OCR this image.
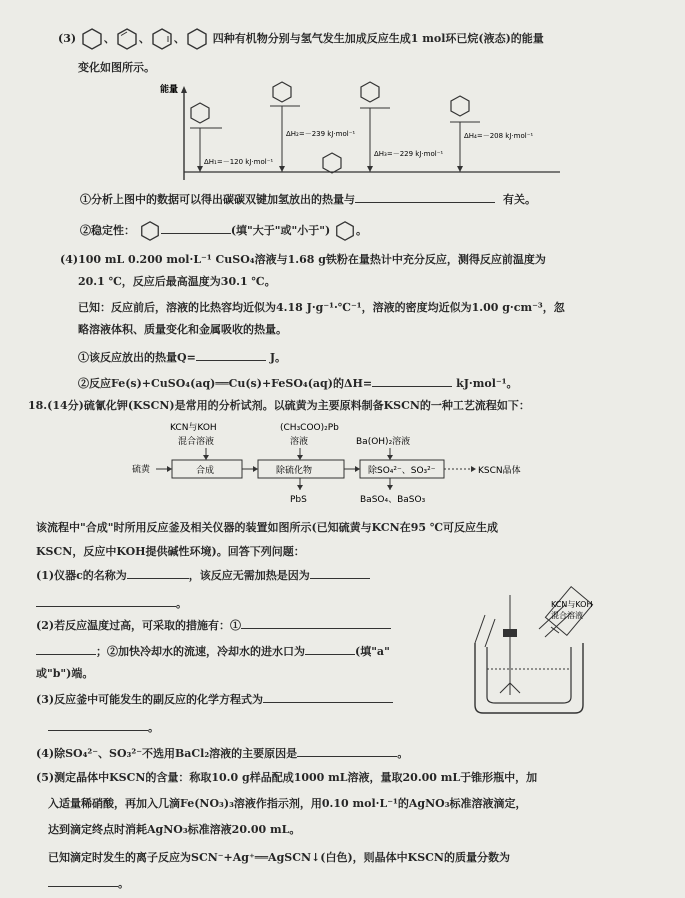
(3)	、 、 、	四种有机物分别与氢气发生加成反应生成1 mol环已烷(液态)的能量
变化如图所示。
能量
ΔH₁=－120 kJ·mol⁻¹
ΔH₂=－239 kJ·mol⁻¹
ΔH₃=－229 kJ·mol⁻¹
ΔH₄=－208 kJ·mol⁻¹
①分析上图中的数据可以得出碳碳双键加氢放出的热量与	有关。
②稳定性：	(填"大于"或"小于") 。
(4)100 mL 0.200 mol·L⁻¹ CuSO₄溶液与1.68 g铁粉在量热计中充分反应，测得反应前温度为
20.1 ℃，反应后最高温度为30.1 ℃。
已知：反应前后，溶液的比热容均近似为4.18 J·g⁻¹·℃⁻¹，溶液的密度均近似为1.00 g·cm⁻³，忽
略溶液体积、质量变化和金属吸收的热量。
①该反应放出的热量Q=	J。
②反应Fe(s)+CuSO₄(aq)══Cu(s)+FeSO₄(aq)的ΔH=	kJ·mol⁻¹。
18.(14分)硫氰化钾(KSCN)是常用的分析试剂。以硫黄为主要原料制备KSCN的一种工艺流程如下：
KCN与KOH
混合溶液
(CH₃COO)₂Pb
溶液	Ba(OH)₂溶液
硫黄	合成	除硫化物
PbS
除SO₄²⁻、SO₃²⁻
BaSO₄、BaSO₃
KSCN晶体
该流程中"合成"时所用反应釜及相关仪器的装置如图所示(已知硫黄与KCN在95 ℃可反应生成
KSCN，反应中KOH提供碱性环境)。回答下列问题：
(1)仪器c的名称为	，该反应无需加热是因为
。
(2)若反应温度过高，可采取的措施有：①
；②加快冷却水的流速，冷却水的进水口为	(填"a"
或"b")端。
KCN与KOH
混合溶液
(3)反应釜中可能发生的副反应的化学方程式为
。
(4)除SO₄²⁻、SO₃²⁻不选用BaCl₂溶液的主要原因是	。
(5)测定晶体中KSCN的含量：称取10.0 g样品配成1000 mL溶液，量取20.00 mL于锥形瓶中，加
入适量稀硝酸，再加入几滴Fe(NO₃)₃溶液作指示剂，用0.10 mol·L⁻¹的AgNO₃标准溶液滴定，
达到滴定终点时消耗AgNO₃标准溶液20.00 mL。
已知滴定时发生的离子反应为SCN⁻+Ag⁺══AgSCN↓(白色)，则晶体中KSCN的质量分数为
。
